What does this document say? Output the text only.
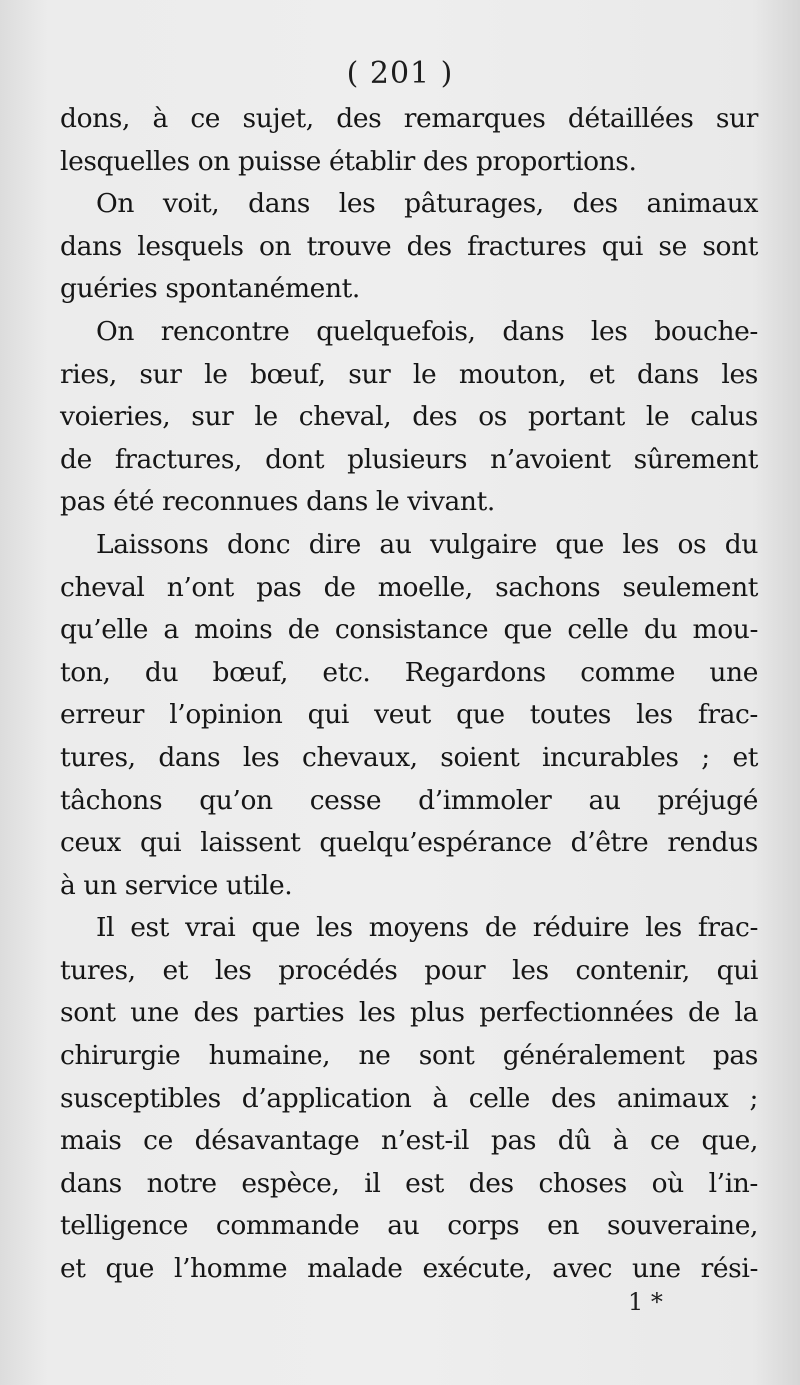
( 201 )
dons, à ce sujet, des remarques détaillées sur
lesquelles on puisse établir des proportions.
On voit, dans les pâturages, des animaux
dans lesquels on trouve des fractures qui se sont
guéries spontanément.
On rencontre quelquefois, dans les bouche-
ries, sur le bœuf, sur le mouton, et dans les
voieries, sur le cheval, des os portant le calus
de fractures, dont plusieurs n’avoient sûrement
pas été reconnues dans le vivant.
Laissons donc dire au vulgaire que les os du
cheval n’ont pas de moelle, sachons seulement
qu’elle a moins de consistance que celle du mou-
ton, du bœuf, etc. Regardons comme une
erreur l’opinion qui veut que toutes les frac-
tures, dans les chevaux, soient incurables ; et
tâchons qu’on cesse d’immoler au préjugé
ceux qui laissent quelqu’espérance d’être rendus
à un service utile.
Il est vrai que les moyens de réduire les frac-
tures, et les procédés pour les contenir, qui
sont une des parties les plus perfectionnées de la
chirurgie humaine, ne sont généralement pas
susceptibles d’application à celle des animaux ;
mais ce désavantage n’est-il pas dû à ce que,
dans notre espèce, il est des choses où l’in-
telligence commande au corps en souveraine,
et que l’homme malade exécute, avec une rési-
1 *
